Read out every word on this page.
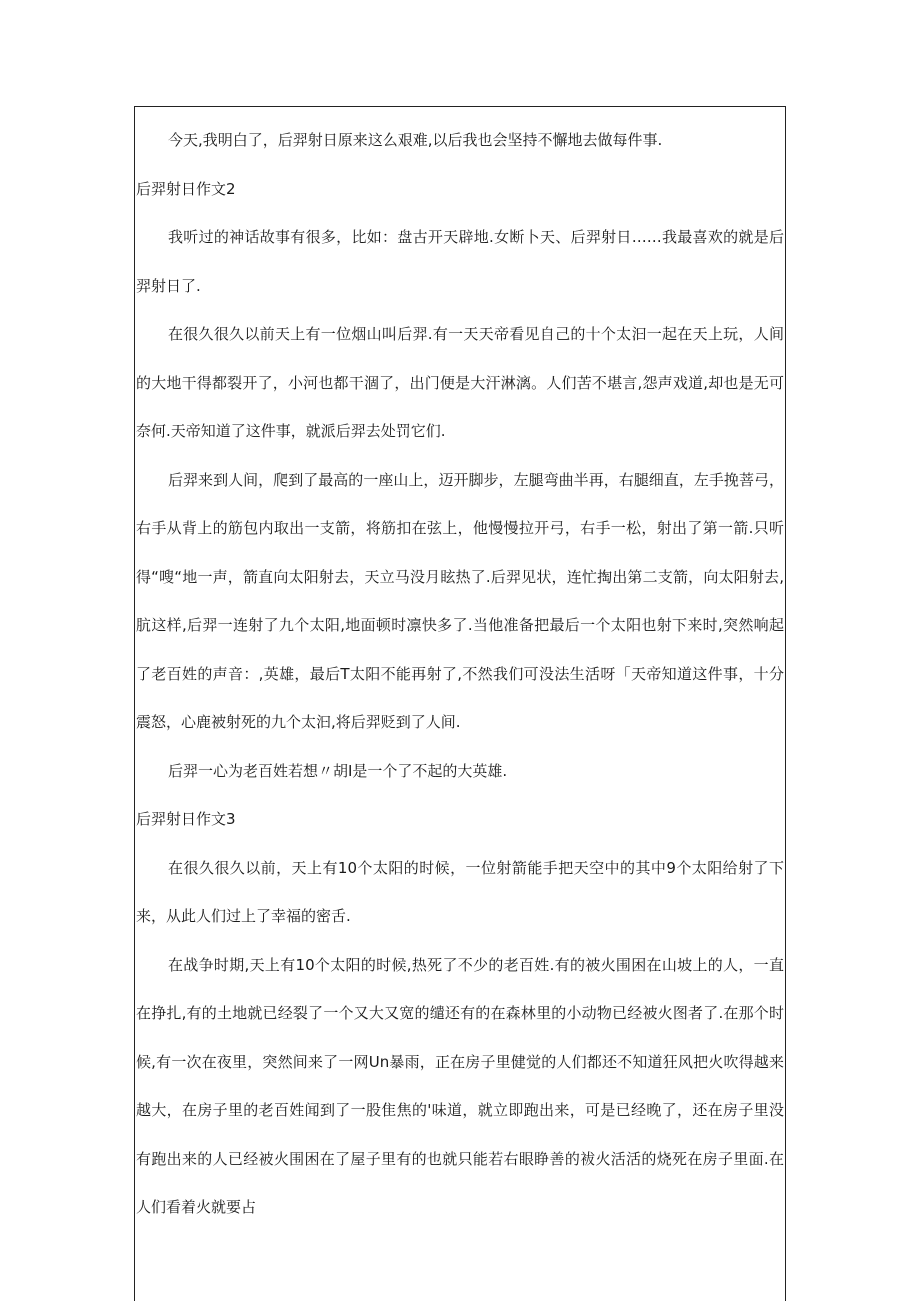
今天,我明白了，后羿射日原来这么艰难,以后我也会坚持不懈地去做每件事.

后羿射日作文2

我听过的神话故事有很多，比如：盘古开天辟地.女断卜天、后羿射日……我最喜欢的就是后羿射日了.

在很久很久以前天上有一位烟山叫后羿.有一天天帝看见自己的十个太汩一起在天上玩，人间的大地干得都裂开了，小河也都干涸了，出门便是大汗淋漓。人们苦不堪言,怨声戏道,却也是无可奈何.天帝知道了这件事，就派后羿去处罚它们.

后羿来到人间，爬到了最高的一座山上，迈开脚步，左腿弯曲半再，右腿细直，左手挽菩弓，右手从背上的筋包内取出一支箭，将筋扣在弦上，他慢慢拉开弓，右手一松，射出了第一箭.只听得“嗖“地一声，箭直向太阳射去，天立马没月眩热了.后羿见状，连忙掏出第二支箭，向太阳射去,肮这样,后羿一连射了九个太阳,地面顿时凛快多了.当他准备把最后一个太阳也射下来时,突然响起了老百姓的声音：,英雄，最后T太阳不能再射了,不然我们可没法生活呀「天帝知道这件事，十分震怒，心鹿被射死的九个太汩,将后羿贬到了人间.

后羿一心为老百姓若想〃胡I是一个了不起的大英雄.

后羿射日作文3

在很久很久以前，天上有10个太阳的时候，一位射箭能手把天空中的其中9个太阳给射了下来，从此人们过上了幸福的密舌.

在战争时期,天上有10个太阳的时候,热死了不少的老百姓.有的被火围困在山坡上的人，一直在挣扎,有的土地就已经裂了一个又大又宽的缱还有的在森林里的小动物已经被火图者了.在那个时候,有一次在夜里，突然间来了一网Un暴雨，正在房子里健觉的人们都还不知道狂风把火吹得越来越大，在房子里的老百姓闻到了一股隹焦的'味道，就立即跑出来，可是已经晚了，还在房子里没有跑出来的人已经被火围困在了屋子里有的也就只能若右眼睁善的袚火活活的烧死在房子里面.在人们看着火就要占
